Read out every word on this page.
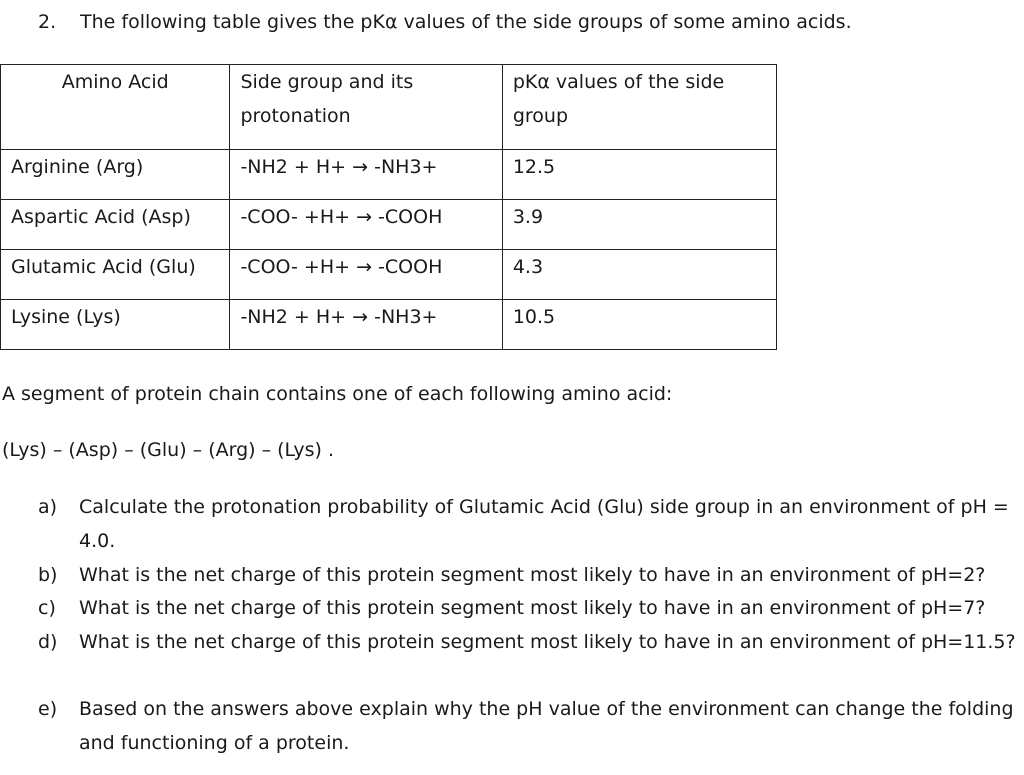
2. The following table gives the pKα values of the side groups of some amino acids.
Amino Acid	Side group and its protonation	pKα values of the side group
Arginine (Arg)	-NH2 + H+ → -NH3+	12.5
Aspartic Acid (Asp)	-COO- +H+ → -COOH	3.9
Glutamic Acid (Glu)	-COO- +H+ → -COOH	4.3
Lysine (Lys)	-NH2 + H+ → -NH3+	10.5
A segment of protein chain contains one of each following amino acid:
(Lys) – (Asp) – (Glu) – (Arg) – (Lys) .
a) Calculate the protonation probability of Glutamic Acid (Glu) side group in an environment of pH = 4.0.
b) What is the net charge of this protein segment most likely to have in an environment of pH=2?
c) What is the net charge of this protein segment most likely to have in an environment of pH=7?
d) What is the net charge of this protein segment most likely to have in an environment of pH=11.5?
e) Based on the answers above explain why the pH value of the environment can change the folding and functioning of a protein.
